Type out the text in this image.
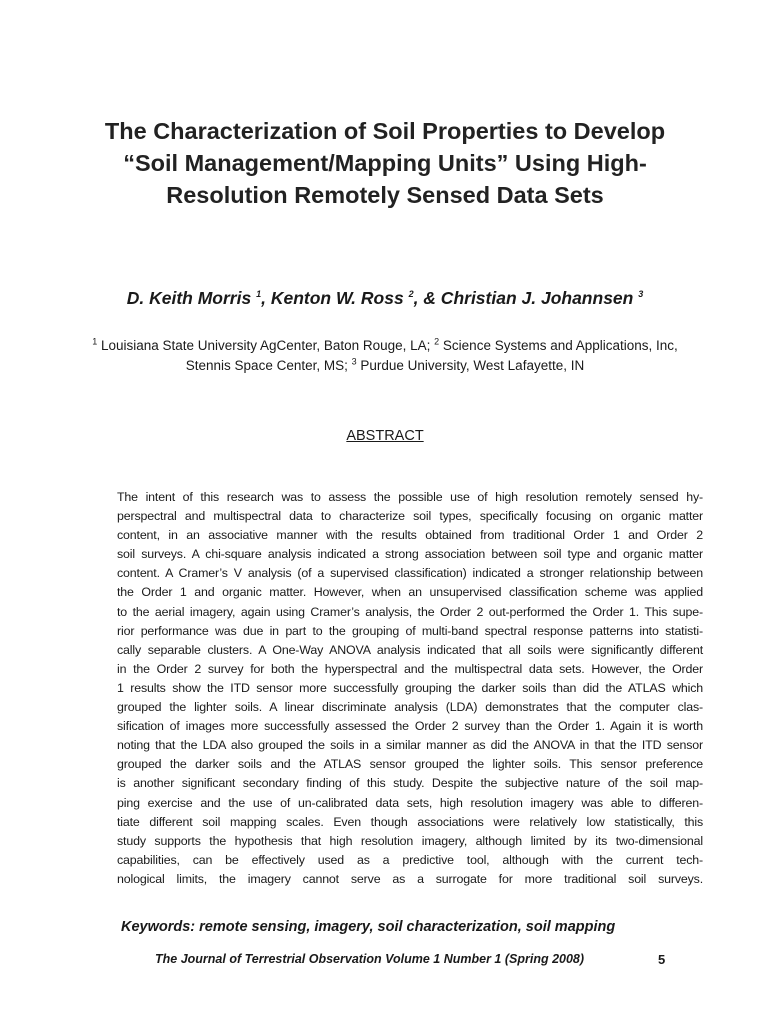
The Characterization of Soil Properties to Develop
“Soil Management/Mapping Units” Using High-
Resolution Remotely Sensed Data Sets
D. Keith Morris $^1$, Kenton W. Ross $^2$, & Christian J. Johannsen $^3$
$^1$ Louisiana State University AgCenter, Baton Rouge, LA; $^2$ Science Systems and Applications, Inc,
Stennis Space Center, MS; $^3$ Purdue University, West Lafayette, IN
ABSTRACT
The intent of this research was to assess the possible use of high resolution remotely sensed hy-
perspectral and multispectral data to characterize soil types, specifically focusing on organic matter
content, in an associative manner with the results obtained from traditional Order 1 and Order 2
soil surveys. A chi-square analysis indicated a strong association between soil type and organic matter
content. A Cramer’s V analysis (of a supervised classification) indicated a stronger relationship between
the Order 1 and organic matter. However, when an unsupervised classification scheme was applied
to the aerial imagery, again using Cramer’s analysis, the Order 2 out-performed the Order 1. This supe-
rior performance was due in part to the grouping of multi-band spectral response patterns into statisti-
cally separable clusters. A One-Way ANOVA analysis indicated that all soils were significantly different
in the Order 2 survey for both the hyperspectral and the multispectral data sets. However, the Order
1 results show the ITD sensor more successfully grouping the darker soils than did the ATLAS which
grouped the lighter soils. A linear discriminate analysis (LDA) demonstrates that the computer clas-
sification of images more successfully assessed the Order 2 survey than the Order 1. Again it is worth
noting that the LDA also grouped the soils in a similar manner as did the ANOVA in that the ITD sensor
grouped the darker soils and the ATLAS sensor grouped the lighter soils. This sensor preference
is another significant secondary finding of this study. Despite the subjective nature of the soil map-
ping exercise and the use of un-calibrated data sets, high resolution imagery was able to differen-
tiate different soil mapping scales. Even though associations were relatively low statistically, this
study supports the hypothesis that high resolution imagery, although limited by its two-dimensional
capabilities, can be effectively used as a predictive tool, although with the current tech-
nological limits, the imagery cannot serve as a surrogate for more traditional soil surveys.
Keywords: remote sensing, imagery, soil characterization, soil mapping
The Journal of Terrestrial Observation Volume 1 Number 1 (Spring 2008)	5
